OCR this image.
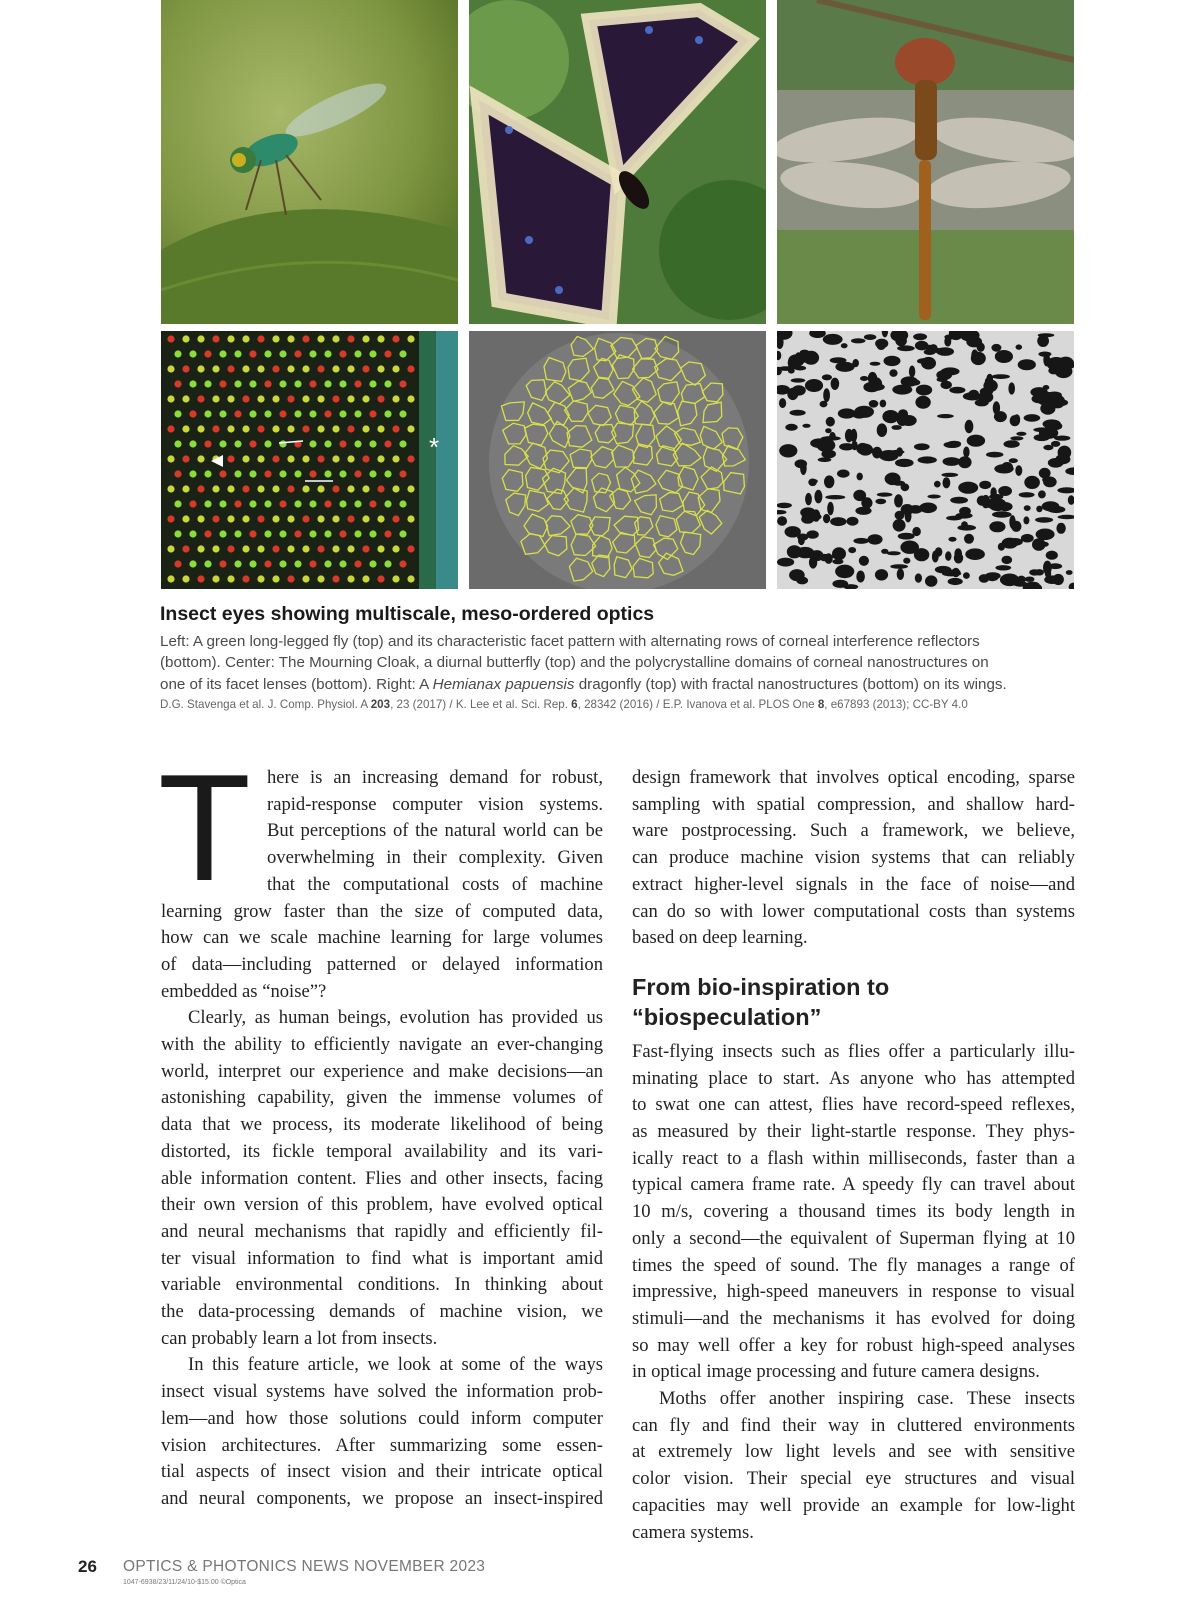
*
Insect eyes showing multiscale, meso-ordered optics

Left: A green long-legged fly (top) and its characteristic facet pattern with alternating rows of corneal interference reflectors

(bottom). Center: The Mourning Cloak, a diurnal butterfly (top) and the polycrystalline domains of corneal nanostructures on

one of its facet lenses (bottom). Right: A Hemianax papuensis dragonfly (top) with fractal nanostructures (bottom) on its wings.

D.G. Stavenga et al. J. Comp. Physiol. A 203, 23 (2017) / K. Lee et al. Sci. Rep. 6, 28342 (2016) / E.P. Ivanova et al. PLOS One 8, e67893 (2013); CC-BY 4.0
T here is an increasing demand for robust,
rapid-response computer vision systems.
But perceptions of the natural world can be
overwhelming in their complexity. Given
that the computational costs of machine
learning grow faster than the size of computed data,
how can we scale machine learning for large volumes
of data—including patterned or delayed information
embedded as “noise”?

Clearly, as human beings, evolution has provided us
with the ability to efficiently navigate an ever-changing
world, interpret our experience and make decisions—an
astonishing capability, given the immense volumes of
data that we process, its moderate likelihood of being
distorted, its fickle temporal availability and its vari-
able information content. Flies and other insects, facing
their own version of this problem, have evolved optical
and neural mechanisms that rapidly and efficiently fil-
ter visual information to find what is important amid
variable environmental conditions. In thinking about
the data-processing demands of machine vision, we
can probably learn a lot from insects.

In this feature article, we look at some of the ways
insect visual systems have solved the information prob-
lem—and how those solutions could inform computer
vision architectures. After summarizing some essen-
tial aspects of insect vision and their intricate optical
and neural components, we propose an insect-inspired

design framework that involves optical encoding, sparse
sampling with spatial compression, and shallow hard-
ware postprocessing. Such a framework, we believe,
can produce machine vision systems that can reliably
extract higher-level signals in the face of noise—and
can do so with lower computational costs than systems
based on deep learning.

From bio-inspiration to “biospeculation”

Fast-flying insects such as flies offer a particularly illu-
minating place to start. As anyone who has attempted
to swat one can attest, flies have record-speed reflexes,
as measured by their light-startle response. They phys-
ically react to a flash within milliseconds, faster than a
typical camera frame rate. A speedy fly can travel about
10 m/s, covering a thousand times its body length in
only a second—the equivalent of Superman flying at 10
times the speed of sound. The fly manages a range of
impressive, high-speed maneuvers in response to visual
stimuli—and the mechanisms it has evolved for doing
so may well offer a key for robust high-speed analyses
in optical image processing and future camera designs.

Moths offer another inspiring case. These insects
can fly and find their way in cluttered environments
at extremely low light levels and see with sensitive
color vision. Their special eye structures and visual
capacities may well provide an example for low-light
camera systems.

26 OPTICS & PHOTONICS NEWS NOVEMBER 2023
1047-6938/23/11/24/10-$15.00 ©Optica
